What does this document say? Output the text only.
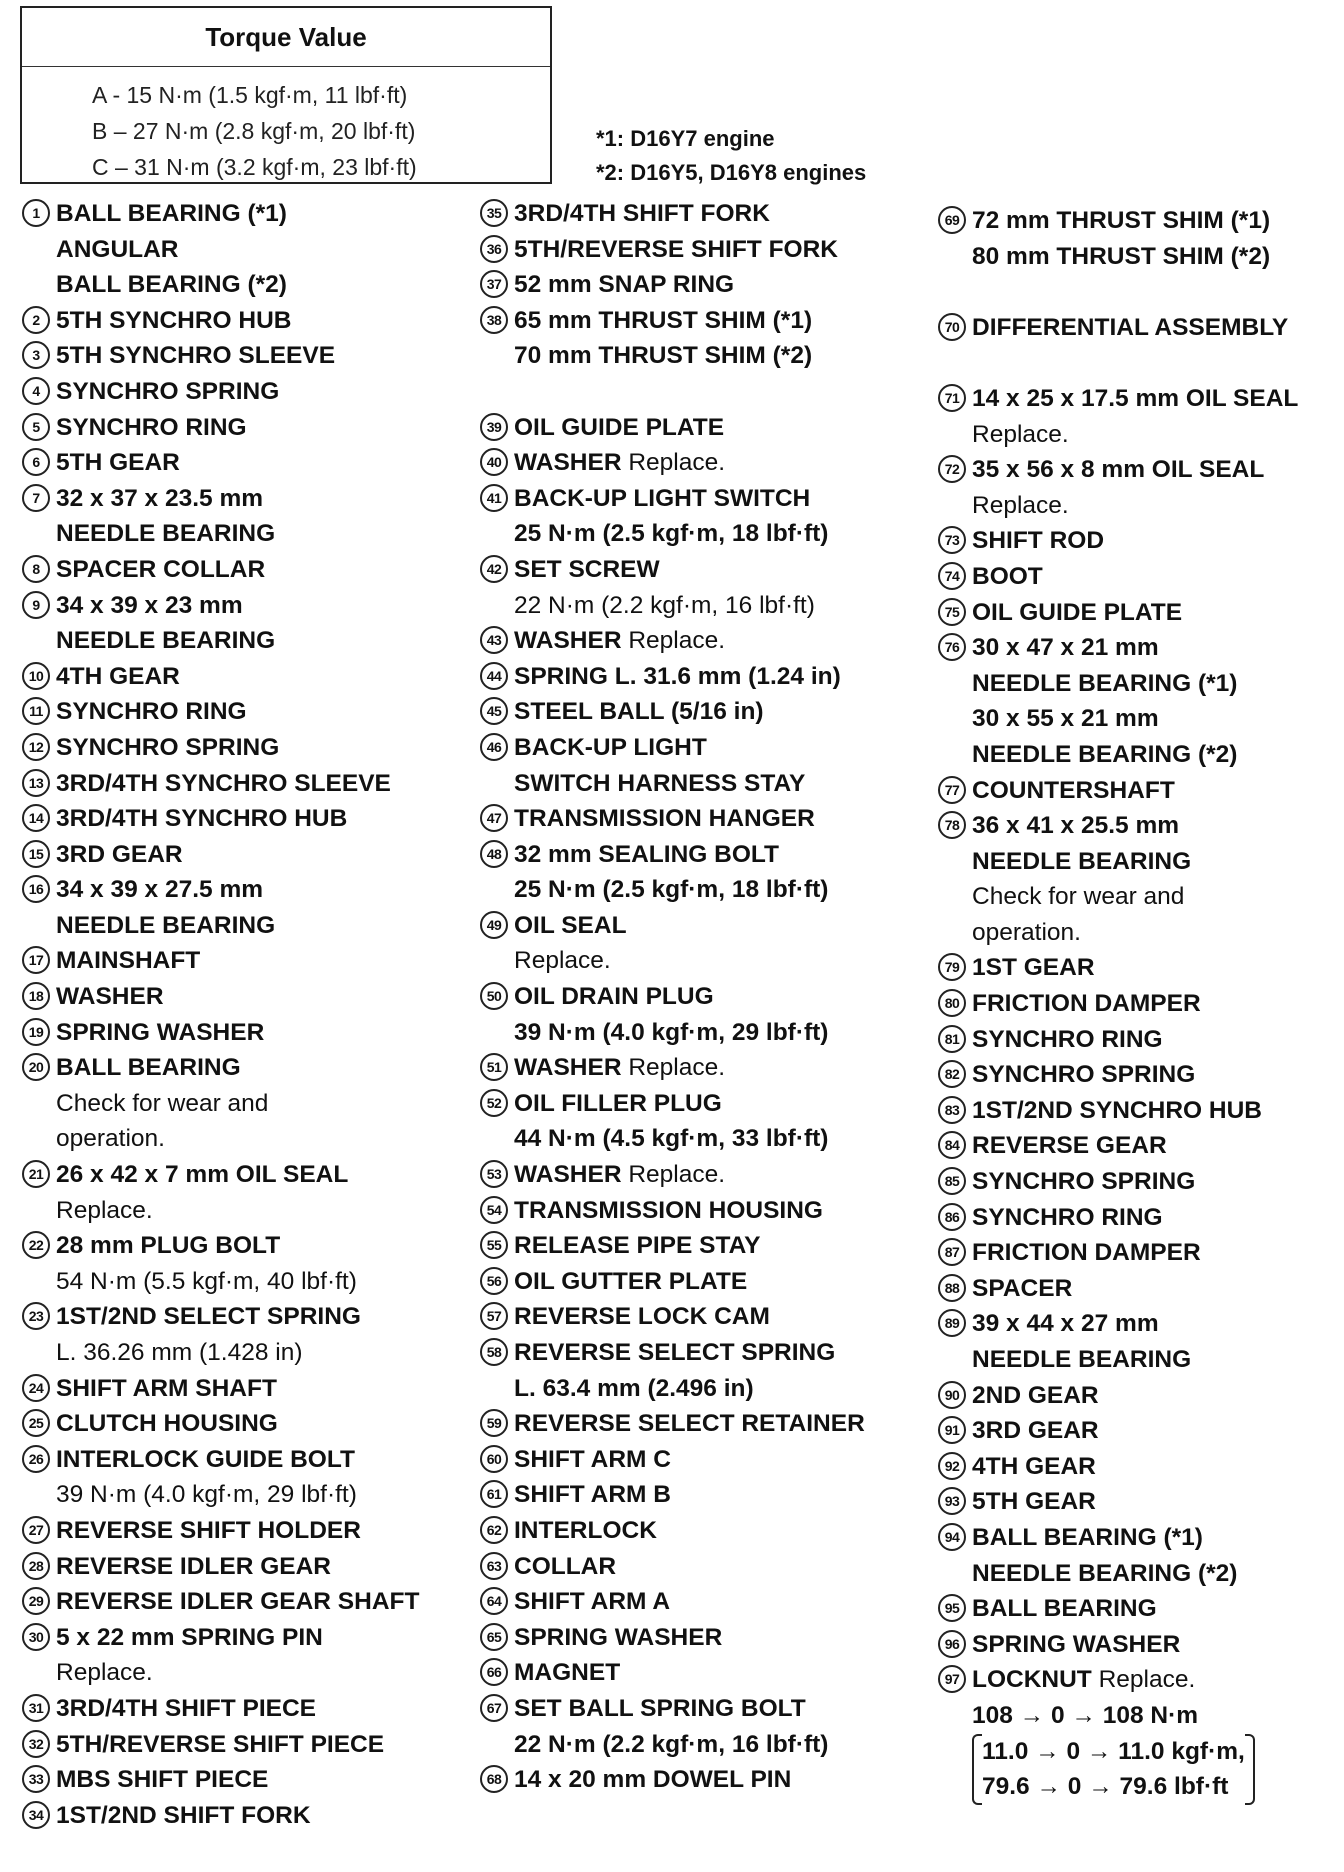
Torque Value
A - 15 N·m (1.5 kgf·m, 11 lbf·ft)
B – 27 N·m (2.8 kgf·m, 20 lbf·ft)
C – 31 N·m (3.2 kgf·m, 23 lbf·ft)
*1: D16Y7 engine
*2: D16Y5, D16Y8 engines
1 BALL BEARING (*1)
ANGULAR
BALL BEARING (*2)
2 5TH SYNCHRO HUB
3 5TH SYNCHRO SLEEVE
4 SYNCHRO SPRING
5 SYNCHRO RING
6 5TH GEAR
7 32 x 37 x 23.5 mm
NEEDLE BEARING
8 SPACER COLLAR
9 34 x 39 x 23 mm
NEEDLE BEARING
10 4TH GEAR
11 SYNCHRO RING
12 SYNCHRO SPRING
13 3RD/4TH SYNCHRO SLEEVE
14 3RD/4TH SYNCHRO HUB
15 3RD GEAR
16 34 x 39 x 27.5 mm
NEEDLE BEARING
17 MAINSHAFT
18 WASHER
19 SPRING WASHER
20 BALL BEARING
Check for wear and
operation.
21 26 x 42 x 7 mm OIL SEAL
Replace.
22 28 mm PLUG BOLT
54 N·m (5.5 kgf·m, 40 lbf·ft)
23 1ST/2ND SELECT SPRING
L. 36.26 mm (1.428 in)
24 SHIFT ARM SHAFT
25 CLUTCH HOUSING
26 INTERLOCK GUIDE BOLT
39 N·m (4.0 kgf·m, 29 lbf·ft)
27 REVERSE SHIFT HOLDER
28 REVERSE IDLER GEAR
29 REVERSE IDLER GEAR SHAFT
30 5 x 22 mm SPRING PIN
Replace.
31 3RD/4TH SHIFT PIECE
32 5TH/REVERSE SHIFT PIECE
33 MBS SHIFT PIECE
34 1ST/2ND SHIFT FORK
35 3RD/4TH SHIFT FORK
36 5TH/REVERSE SHIFT FORK
37 52 mm SNAP RING
38 65 mm THRUST SHIM (*1)
70 mm THRUST SHIM (*2)
39 OIL GUIDE PLATE
40 WASHER Replace.
41 BACK-UP LIGHT SWITCH
25 N·m (2.5 kgf·m, 18 lbf·ft)
42 SET SCREW
22 N·m (2.2 kgf·m, 16 lbf·ft)
43 WASHER Replace.
44 SPRING L. 31.6 mm (1.24 in)
45 STEEL BALL (5/16 in)
46 BACK-UP LIGHT
SWITCH HARNESS STAY
47 TRANSMISSION HANGER
48 32 mm SEALING BOLT
25 N·m (2.5 kgf·m, 18 lbf·ft)
49 OIL SEAL
Replace.
50 OIL DRAIN PLUG
39 N·m (4.0 kgf·m, 29 lbf·ft)
51 WASHER Replace.
52 OIL FILLER PLUG
44 N·m (4.5 kgf·m, 33 lbf·ft)
53 WASHER Replace.
54 TRANSMISSION HOUSING
55 RELEASE PIPE STAY
56 OIL GUTTER PLATE
57 REVERSE LOCK CAM
58 REVERSE SELECT SPRING
L. 63.4 mm (2.496 in)
59 REVERSE SELECT RETAINER
60 SHIFT ARM C
61 SHIFT ARM B
62 INTERLOCK
63 COLLAR
64 SHIFT ARM A
65 SPRING WASHER
66 MAGNET
67 SET BALL SPRING BOLT
22 N·m (2.2 kgf·m, 16 lbf·ft)
68 14 x 20 mm DOWEL PIN
69 72 mm THRUST SHIM (*1)
80 mm THRUST SHIM (*2)
70 DIFFERENTIAL ASSEMBLY
71 14 x 25 x 17.5 mm OIL SEAL
Replace.
72 35 x 56 x 8 mm OIL SEAL
Replace.
73 SHIFT ROD
74 BOOT
75 OIL GUIDE PLATE
76 30 x 47 x 21 mm
NEEDLE BEARING (*1)
30 x 55 x 21 mm
NEEDLE BEARING (*2)
77 COUNTERSHAFT
78 36 x 41 x 25.5 mm
NEEDLE BEARING
Check for wear and
operation.
79 1ST GEAR
80 FRICTION DAMPER
81 SYNCHRO RING
82 SYNCHRO SPRING
83 1ST/2ND SYNCHRO HUB
84 REVERSE GEAR
85 SYNCHRO SPRING
86 SYNCHRO RING
87 FRICTION DAMPER
88 SPACER
89 39 x 44 x 27 mm
NEEDLE BEARING
90 2ND GEAR
91 3RD GEAR
92 4TH GEAR
93 5TH GEAR
94 BALL BEARING (*1)
NEEDLE BEARING (*2)
95 BALL BEARING
96 SPRING WASHER
97 LOCKNUT Replace.
108 → 0 → 108 N·m
11.0 → 0 → 11.0 kgf·m,
79.6 → 0 → 79.6 lbf·ft
